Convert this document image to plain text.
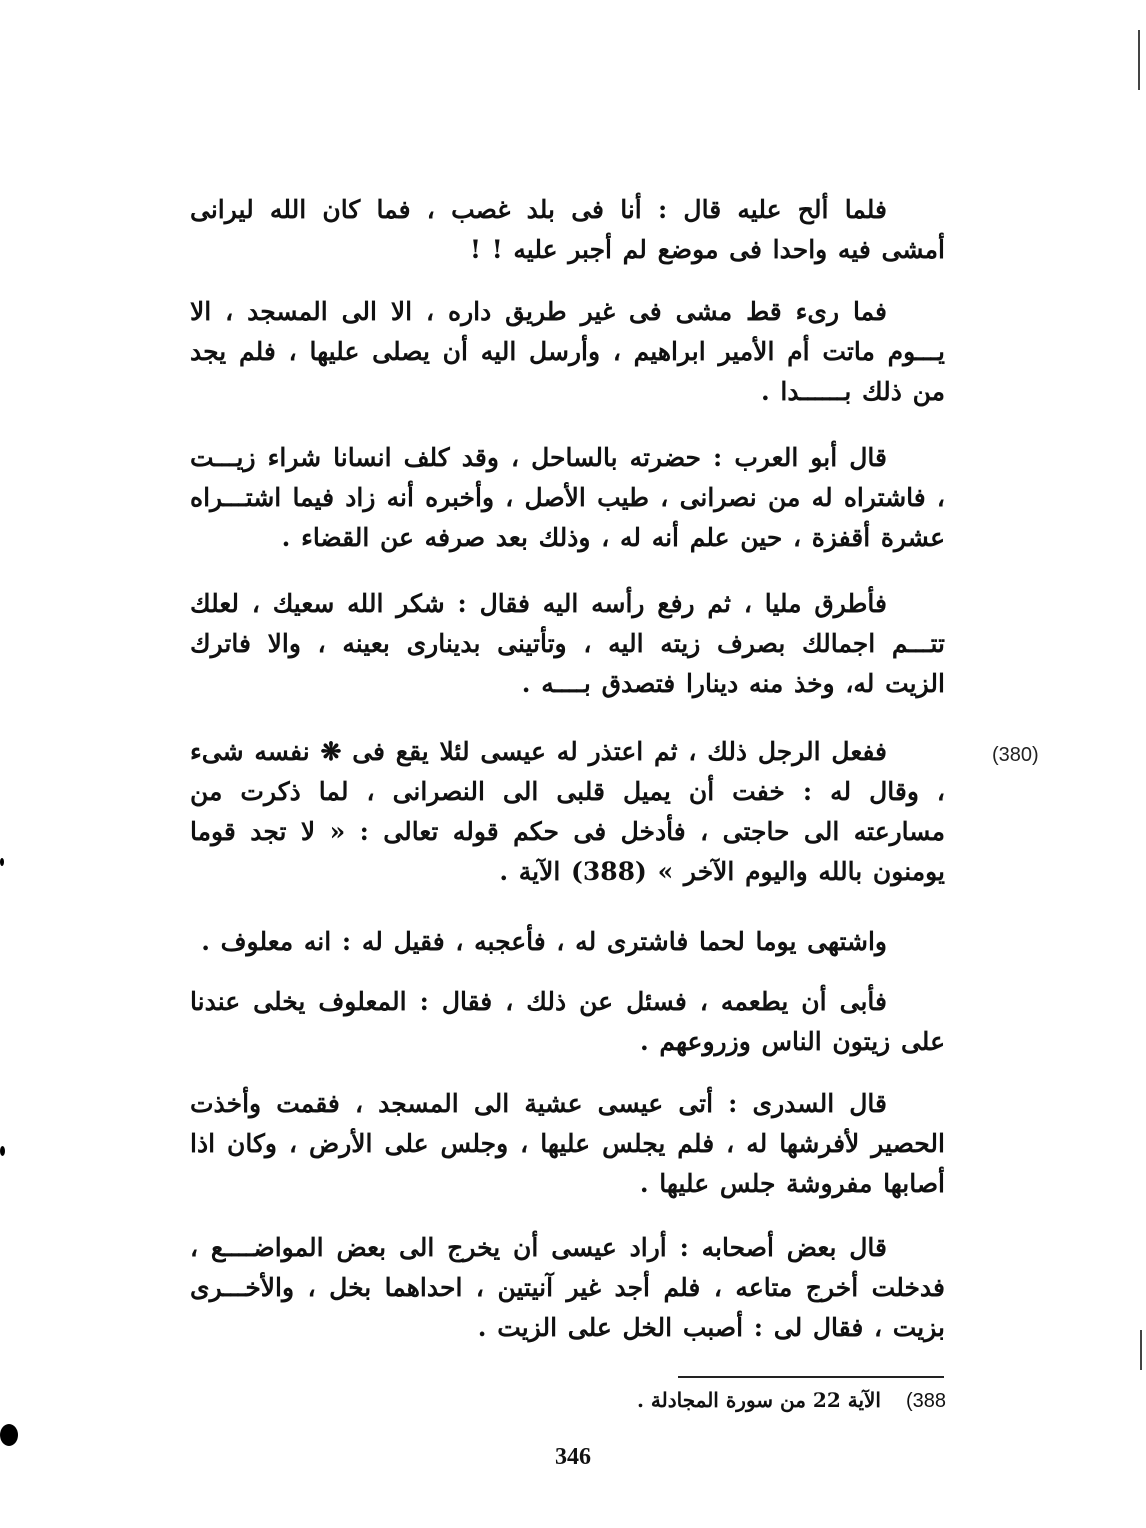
فلما ألح عليه قال : أنا فى بلد غصب ، فما كان الله ليرانى أمشى فيه واحدا فى موضع لم أجبر عليه ! !

فما رىء قط مشى فى غير طريق داره ، الا الى المسجد ، الا يـــوم ماتت أم الأمير ابراهيم ، وأرسل اليه أن يصلى عليها ، فلم يجد من ذلك بــــــدا .

قال أبو العرب : حضرته بالساحل ، وقد كلف انسانا شراء زيـــت ، فاشتراه له من نصرانى ، طيب الأصل ، وأخبره أنه زاد فيما اشتـــراه عشرة أقفزة ، حين علم أنه له ، وذلك بعد صرفه عن القضاء .

فأطرق مليا ، ثم رفع رأسه اليه فقال : شكر الله سعيك ، لعلك تتـــم اجمالك بصرف زيته اليه ، وتأتينى بدينارى بعينه ، والا فاترك الزيت له، وخذ منه دينارا فتصدق بــــه .

(380)

ففعل الرجل ذلك ، ثم اعتذر له عيسى لئلا يقع فى ❋ نفسه شىء ، وقال له : خفت أن يميل قلبى الى النصرانى ، لما ذكرت من مسارعته الى حاجتى ، فأدخل فى حكم قوله تعالى : « لا تجد قوما يومنون بالله واليوم الآخر » (388) الآية .

واشتهى يوما لحما فاشترى له ، فأعجبه ، فقيل له : انه معلوف .

فأبى أن يطعمه ، فسئل عن ذلك ، فقال : المعلوف يخلى عندنا على زيتون الناس وزروعهم .

قال السدرى : أتى عيسى عشية الى المسجد ، فقمت وأخذت الحصير لأفرشها له ، فلم يجلس عليها ، وجلس على الأرض ، وكان اذا أصابها مفروشة جلس عليها .

قال بعض أصحابه : أراد عيسى أن يخرج الى بعض المواضــــع ، فدخلت أخرج متاعه ، فلم أجد غير آنيتين ، احداهما بخل ، والأخـــرى بزيت ، فقال لى : أصبب الخل على الزيت .

388) الآية 22 من سورة المجادلة .
346
